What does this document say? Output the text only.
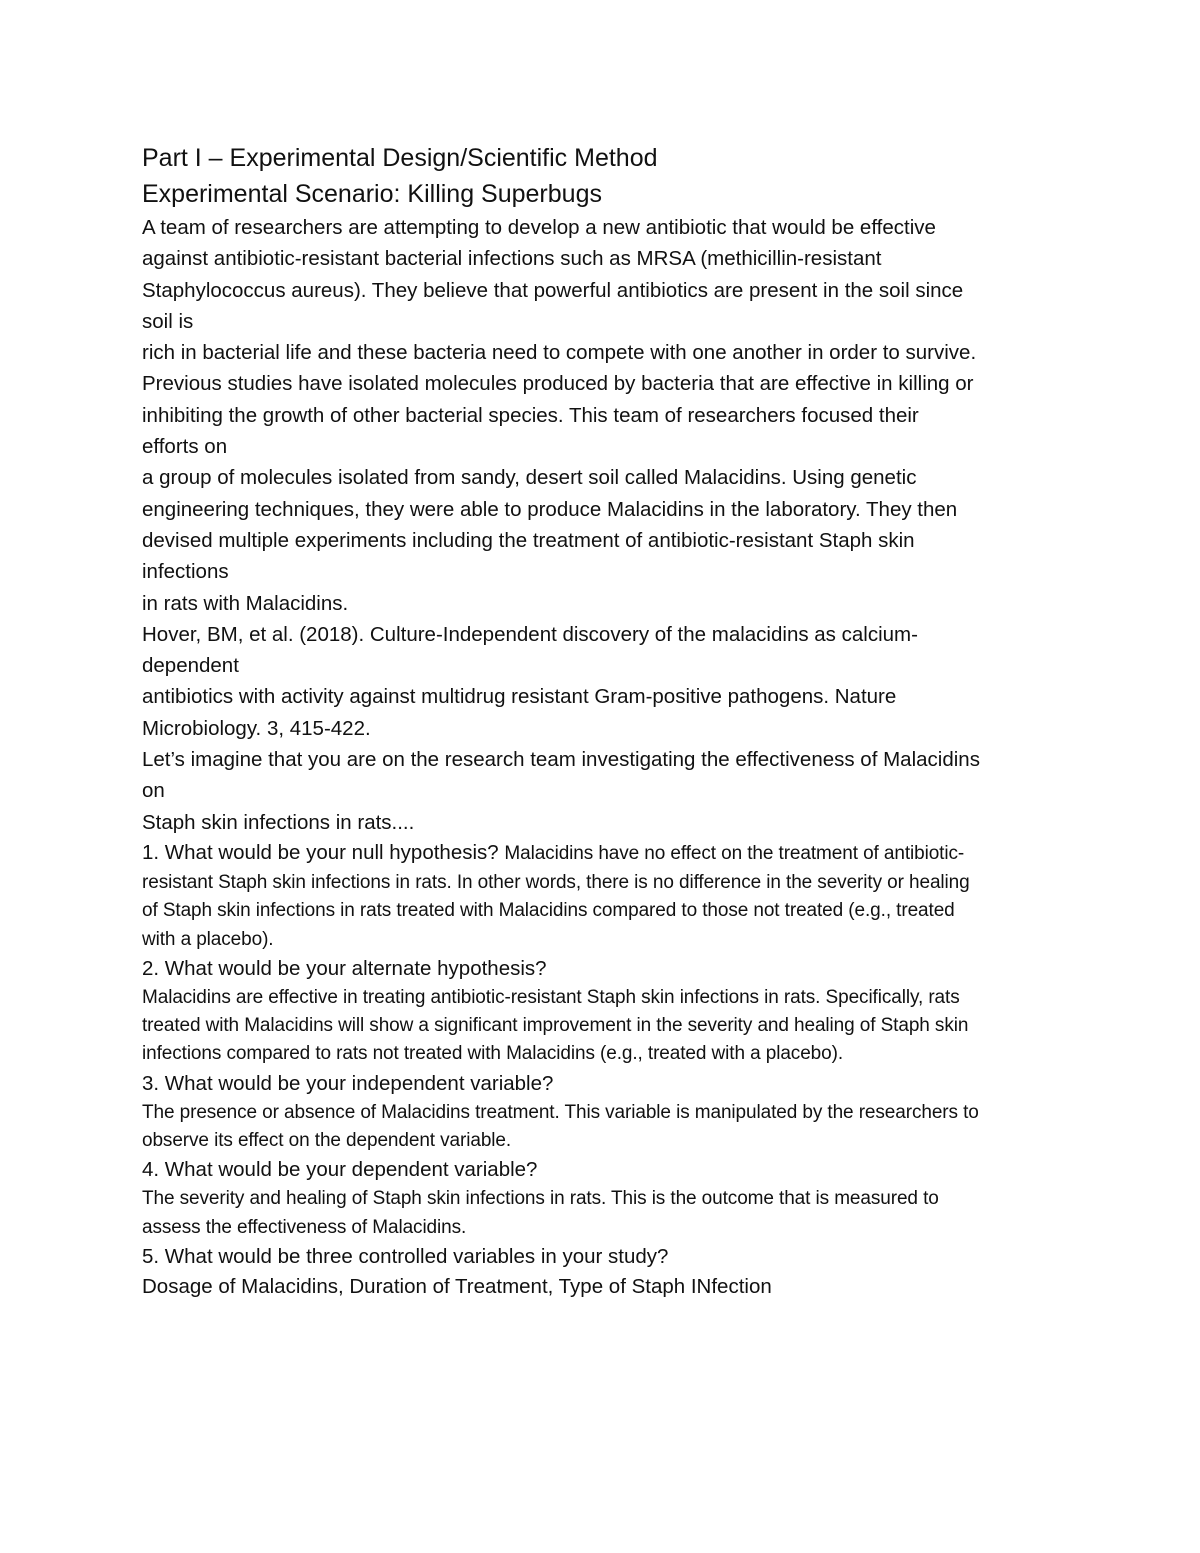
Part I – Experimental Design/Scientific Method
Experimental Scenario: Killing Superbugs

A team of researchers are attempting to develop a new antibiotic that would be effective

against antibiotic-resistant bacterial infections such as MRSA (methicillin-resistant

Staphylococcus aureus). They believe that powerful antibiotics are present in the soil since

soil is

rich in bacterial life and these bacteria need to compete with one another in order to survive.

Previous studies have isolated molecules produced by bacteria that are effective in killing or

inhibiting the growth of other bacterial species. This team of researchers focused their

efforts on

a group of molecules isolated from sandy, desert soil called Malacidins. Using genetic

engineering techniques, they were able to produce Malacidins in the laboratory. They then

devised multiple experiments including the treatment of antibiotic-resistant Staph skin

infections

in rats with Malacidins.

Hover, BM, et al. (2018). Culture-Independent discovery of the malacidins as calcium-

dependent

antibiotics with activity against multidrug resistant Gram-positive pathogens. Nature

Microbiology. 3, 415-422.

Let’s imagine that you are on the research team investigating the effectiveness of Malacidins

on

Staph skin infections in rats....

1. What would be your null hypothesis? Malacidins have no effect on the treatment of antibiotic-

resistant Staph skin infections in rats. In other words, there is no difference in the severity or healing

of Staph skin infections in rats treated with Malacidins compared to those not treated (e.g., treated

with a placebo).

2. What would be your alternate hypothesis?

Malacidins are effective in treating antibiotic-resistant Staph skin infections in rats. Specifically, rats

treated with Malacidins will show a significant improvement in the severity and healing of Staph skin

infections compared to rats not treated with Malacidins (e.g., treated with a placebo).

3. What would be your independent variable?

The presence or absence of Malacidins treatment. This variable is manipulated by the researchers to

observe its effect on the dependent variable.

4. What would be your dependent variable?

The severity and healing of Staph skin infections in rats. This is the outcome that is measured to

assess the effectiveness of Malacidins.

5. What would be three controlled variables in your study?

Dosage of Malacidins, Duration of Treatment, Type of Staph INfection
